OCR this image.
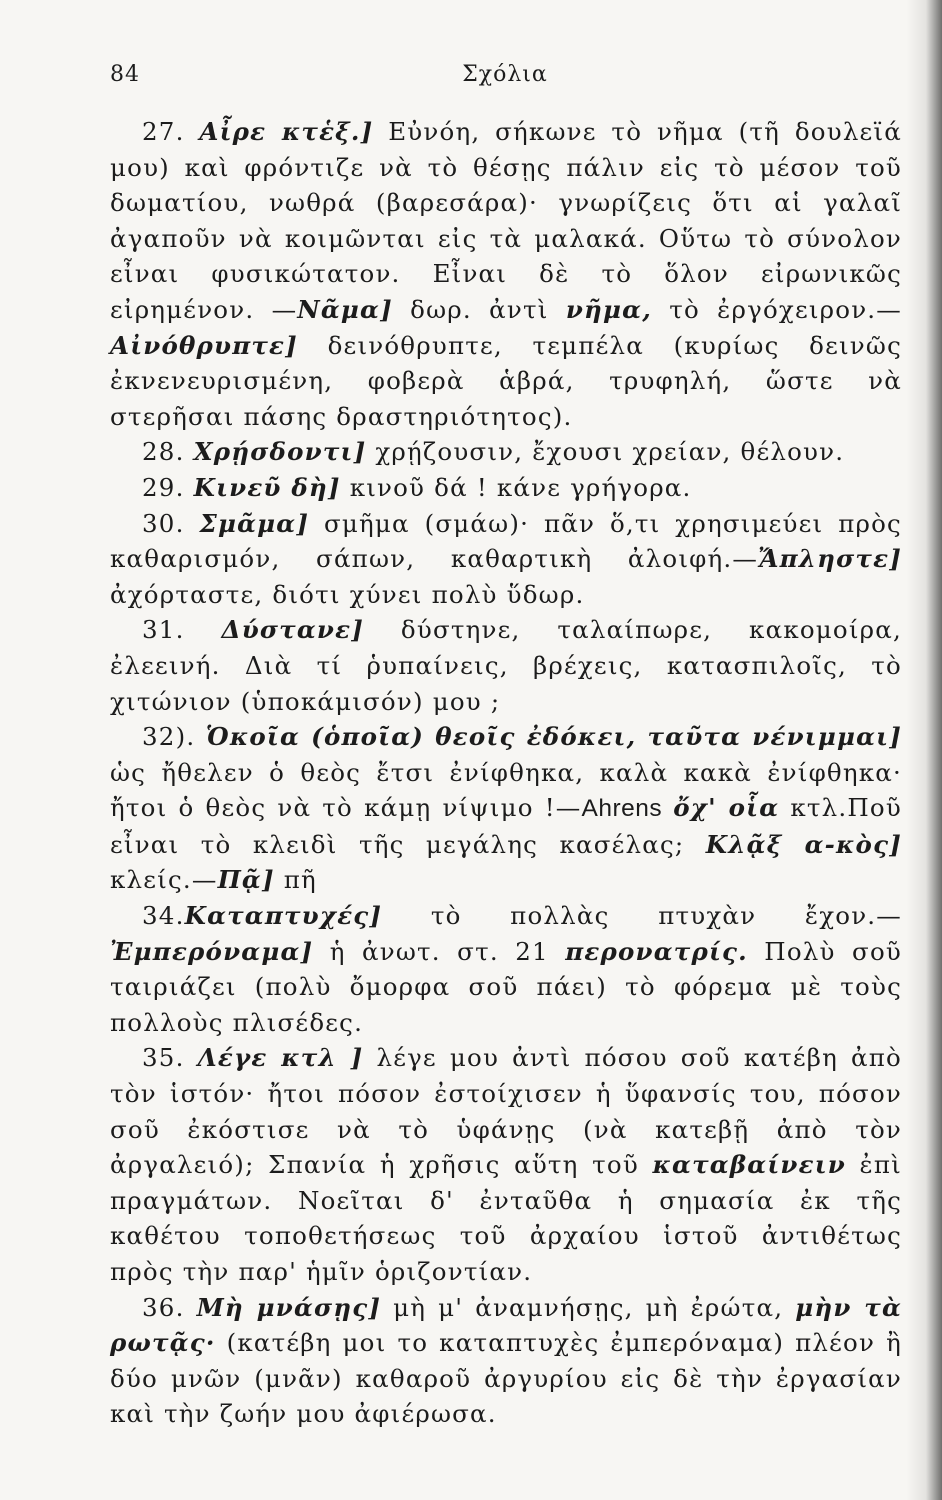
84	Σχόλια

27. Αἶρε κτἑξ.] Εὐνόη, σήκωνε τὸ νῆμα (τῆ δουλεϊά μου) καὶ φρόντιζε νὰ τὸ θέσῃς πάλιν εἰς τὸ μέσον τοῦ δωματίου, νωθρά (βαρεσάρα)· γνωρίζεις ὅτι αἱ γαλαῖ ἀγαποῦν νὰ κοιμῶνται εἰς τὰ μαλακά. Οὕτω τὸ σύνολον εἶναι φυσικώτατον. Εἶναι δὲ τὸ ὅλον εἰρωνικῶς εἰρημένον. —Νᾶμα] δωρ. ἀντὶ νῆμα, τὸ ἐργόχειρον.—Αἰνόθρυπτε] δεινόθρυπτε, τεμπέλα (κυρίως δεινῶς ἐκνενευρισμένη, φοβερὰ ἁβρά, τρυφηλή, ὥστε νὰ στερῆσαι πάσης δραστηριότητος).

28. Χρῄσδοντι] χρῄζουσιν, ἔχουσι χρείαν, θέλουν.

29. Κινεῦ δὴ] κινοῦ δά ! κάνε γρήγορα.

30. Σμᾶμα] σμῆμα (σμάω)· πᾶν ὅ,τι χρησιμεύει πρὸς καθαρισμόν, σάπων, καθαρτικὴ ἀλοιφή.—Ἄπληστε] ἀχόρταστε, διότι χύνει πολὺ ὕδωρ.

31. Δύστανε] δύστηνε, ταλαίπωρε, κακομοίρα, ἐλεεινή. Διὰ τί ῥυπαίνεις, βρέχεις, κατασπιλοῖς, τὸ χιτώνιον (ὑποκάμισόν) μου ;

32). Ὁκοῖα (ὁποῖα) θεοῖς ἐδόκει, ταῦτα νένιμμαι] ὡς ἤθελεν ὁ θεὸς ἔτσι ἐνίφθηκα, καλὰ κακὰ ἐνίφθηκα· ἤτοι ὁ θεὸς νὰ τὸ κάμῃ νίψιμο !—Ahrens ὄχ' οἷα κτλ.Ποῦ εἶναι τὸ κλειδὶ τῆς μεγάλης κασέλας; Κλᾷξ α-κὸς] κλείς.—Πᾷ] πῆ

34.Καταπτυχές] τὸ πολλὰς πτυχὰν ἔχον.—Ἐμπερόναμα] ἡ ἀνωτ. στ. 21 περονατρίς. Πολὺ σοῦ ταιριάζει (πολὺ ὄμορφα σοῦ πάει) τὸ φόρεμα μὲ τοὺς πολλοὺς πλισέδες.

35. Λέγε κτλ ] λέγε μου ἀντὶ πόσου σοῦ κατέβη ἀπὸ τὸν ἱστόν· ἤτοι πόσον ἐστοίχισεν ἡ ὕφανσίς του, πόσον σοῦ ἐκόστισε νὰ τὸ ὑφάνῃς (νὰ κατεβῇ ἀπὸ τὸν ἀργαλειό); Σπανία ἡ χρῆσις αὕτη τοῦ καταβαίνειν ἐπὶ πραγμάτων. Νοεῖται δ' ἐνταῦθα ἡ σημασία ἐκ τῆς καθέτου τοποθετήσεως τοῦ ἀρχαίου ἱστοῦ ἀντιθέτως πρὸς τὴν παρ' ἡμῖν ὁριζοντίαν.

36. Μὴ μνάσῃς] μὴ μ' ἀναμνήσῃς, μὴ ἐρώτα, μὴν τὰ ρωτᾷς· (κατέβη μοι το καταπτυχὲς ἐμπερόναμα) πλέον ἢ δύο μνῶν (μνᾶν) καθαροῦ ἀργυρίου εἰς δὲ τὴν ἐργασίαν καὶ τὴν ζωήν μου ἀφιέρωσα.
